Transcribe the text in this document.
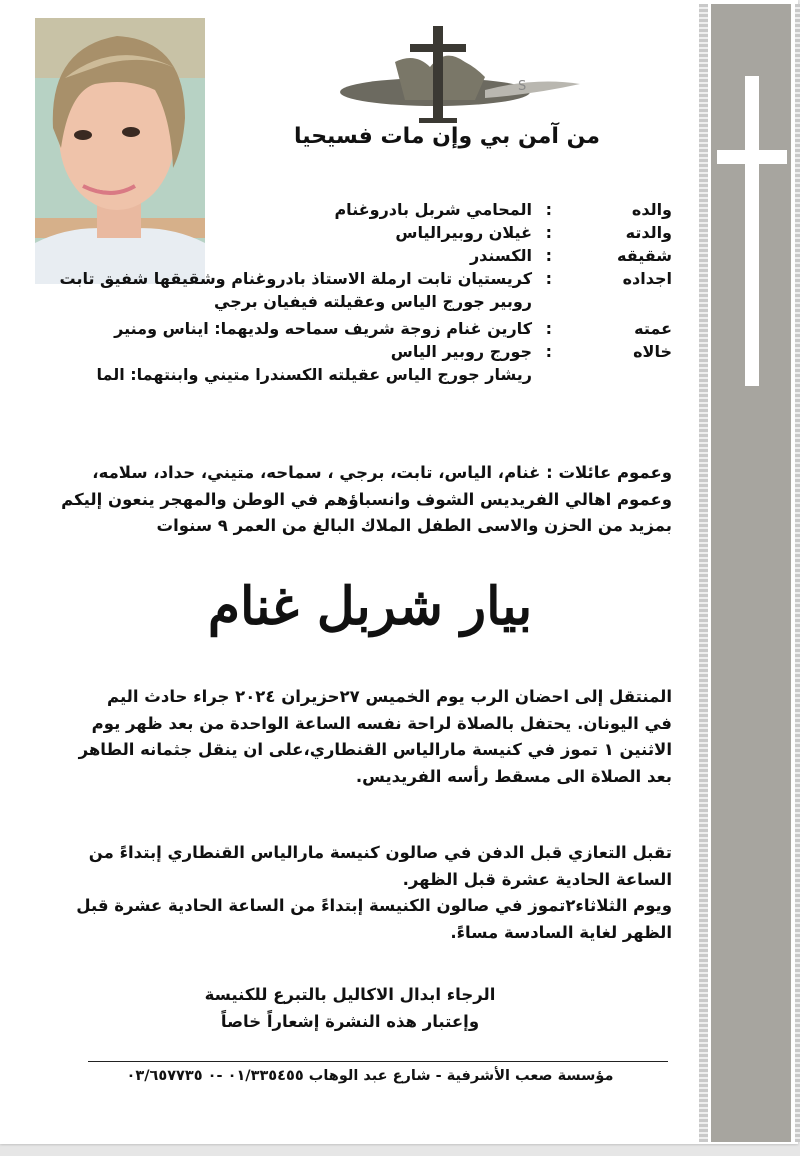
S
من آمن بي وإن مات فسيحيا
والده
:
المحامي شربل بادروغنام
والدته
:
غيلان روبيرالياس
شقيقه
:
الكسندر
اجداده
:
كريستيان تابت ارملة الاستاذ بادروغنام وشقيقها شفيق تابت
روبير جورج الياس وعقيلته فيفيان برجي
عمته
:
كارين غنام زوجة شريف سماحه ولديهما: ايناس ومنير
خالاه
:
جورج روبير الياس
ريشار جورج الياس عقيلته الكسندرا متيني وابنتهما: الما
وعموم عائلات : غنام، الياس، تابت، برجي ، سماحه، متيني، حداد، سلامه،
وعموم اهالي الفريديس الشوف وانسباؤهم في الوطن والمهجر ينعون إليكم
بمزيد من الحزن والاسى الطفل الملاك البالغ من العمر ٩ سنوات
بيار شربل غنام
المنتقل إلى احضان الرب يوم الخميس ٢٧حزيران ٢٠٢٤ جراء حادث اليم
في اليونان. يحتفل بالصلاة لراحة نفسه الساعة الواحدة من بعد ظهر يوم
الاثنين ١ تموز في كنيسة مارالياس القنطاري،على ان ينقل جثمانه الطاهر
بعد الصلاة الى مسقط رأسه الفريديس.
تقبل التعازي قبل الدفن في صالون كنيسة مارالياس القنطاري إبتداءً من
الساعة الحادية عشرة قبل الظهر.
ويوم الثلاثاء٢تموز في صالون الكنيسة إبتداءً من الساعة الحادية عشرة قبل
الظهر لغاية السادسة مساءً.
الرجاء ابدال الاكاليل بالتبرع للكنيسة
وإعتبار هذه النشرة إشعاراً خاصاً
مؤسسة صعب الأشرفية - شارع عبد الوهاب ٠١/٣٣٥٤٥٥ -٠ ٠٣/٦٥٧٧٣٥
